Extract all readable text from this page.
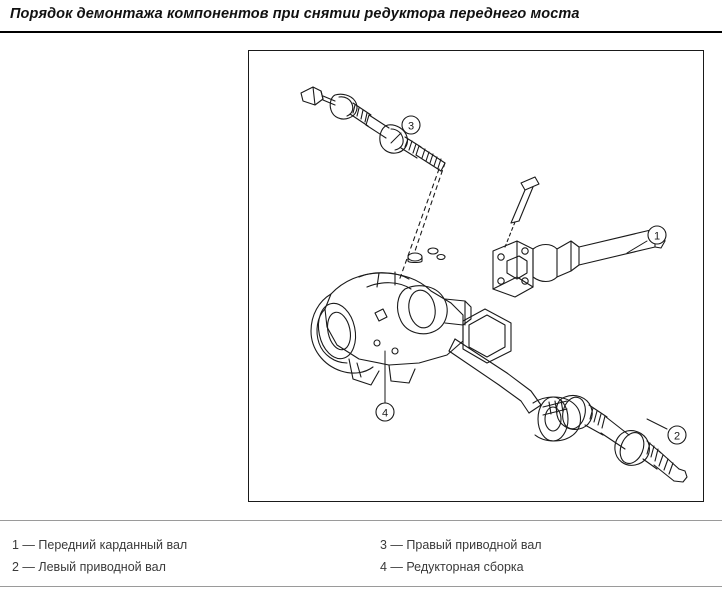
Порядок демонтажа компонентов при снятии редуктора переднего моста
3
1
2
4
1 — Передний карданный вал
2 — Левый приводной вал
3 — Правый приводной вал
4 — Редукторная сборка
